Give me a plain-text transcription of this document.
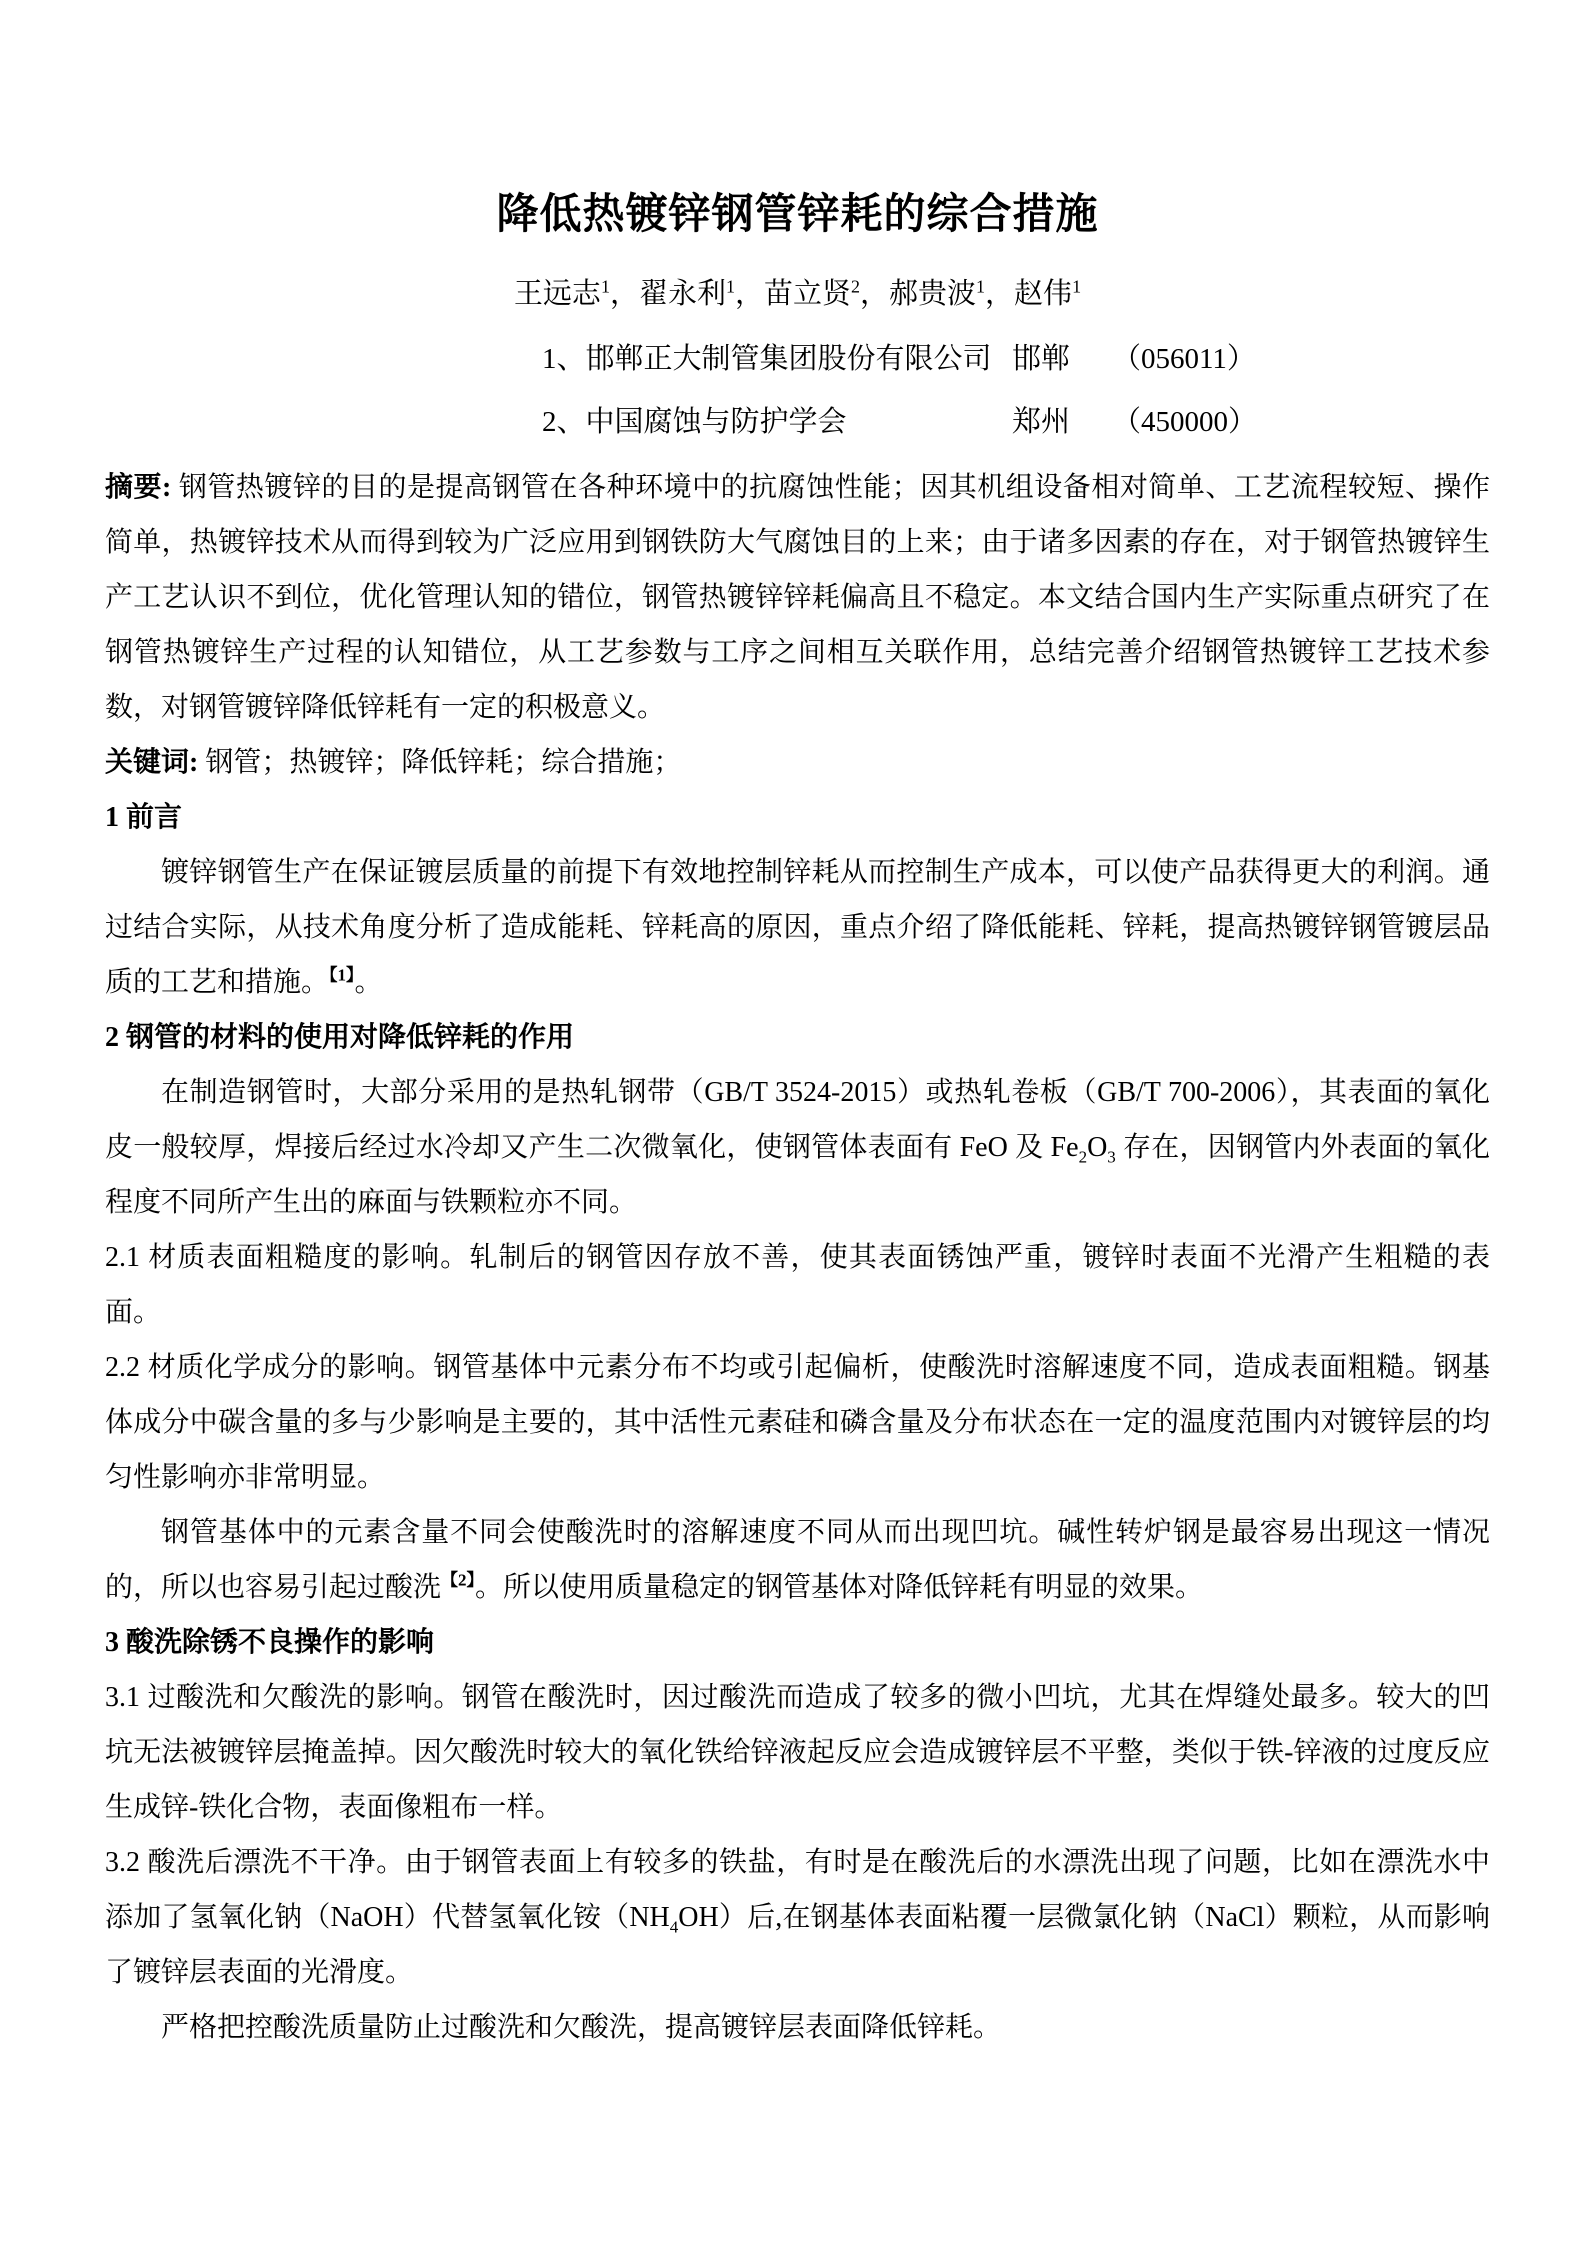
降低热镀锌钢管锌耗的综合措施
王远志$^1$，翟永利$^1$，苗立贤$^2$，郝贵波$^1$，赵伟$^1$
1、邯郸正大制管集团股份有限公司 邯郸	（056011）
2、中国腐蚀与防护学会	郑州	（450000）

摘要: 钢管热镀锌的目的是提高钢管在各种环境中的抗腐蚀性能；因其机组设备相对简单、工艺流程较短、操作简单，热镀锌技术从而得到较为广泛应用到钢铁防大气腐蚀目的上来；由于诸多因素的存在，对于钢管热镀锌生产工艺认识不到位，优化管理认知的错位，钢管热镀锌锌耗偏高且不稳定。本文结合国内生产实际重点研究了在钢管热镀锌生产过程的认知错位，从工艺参数与工序之间相互关联作用，总结完善介绍钢管热镀锌工艺技术参数，对钢管镀锌降低锌耗有一定的积极意义。

关键词: 钢管；热镀锌；降低锌耗；综合措施；

1 前言

镀锌钢管生产在保证镀层质量的前提下有效地控制锌耗从而控制生产成本，可以使产品获得更大的利润。通过结合实际，从技术角度分析了造成能耗、锌耗高的原因，重点介绍了降低能耗、锌耗，提高热镀锌钢管镀层品质的工艺和措施。$^{【1】}$。

2 钢管的材料的使用对降低锌耗的作用

在制造钢管时，大部分采用的是热轧钢带（GB/T 3524-2015）或热轧卷板（GB/T 700-2006），其表面的氧化皮一般较厚，焊接后经过水冷却又产生二次微氧化，使钢管体表面有 FeO 及 $Fe_2O_3$ 存在，因钢管内外表面的氧化程度不同所产生出的麻面与铁颗粒亦不同。

2.1 材质表面粗糙度的影响。轧制后的钢管因存放不善，使其表面锈蚀严重，镀锌时表面不光滑产生粗糙的表面。

2.2 材质化学成分的影响。钢管基体中元素分布不均或引起偏析，使酸洗时溶解速度不同，造成表面粗糙。钢基体成分中碳含量的多与少影响是主要的，其中活性元素硅和磷含量及分布状态在一定的温度范围内对镀锌层的均匀性影响亦非常明显。

钢管基体中的元素含量不同会使酸洗时的溶解速度不同从而出现凹坑。碱性转炉钢是最容易出现这一情况的，所以也容易引起过酸洗$^{【2】}$。所以使用质量稳定的钢管基体对降低锌耗有明显的效果。

3 酸洗除锈不良操作的影响

3.1 过酸洗和欠酸洗的影响。钢管在酸洗时，因过酸洗而造成了较多的微小凹坑，尤其在焊缝处最多。较大的凹坑无法被镀锌层掩盖掉。因欠酸洗时较大的氧化铁给锌液起反应会造成镀锌层不平整，类似于铁-锌液的过度反应生成锌-铁化合物，表面像粗布一样。

3.2 酸洗后漂洗不干净。由于钢管表面上有较多的铁盐，有时是在酸洗后的水漂洗出现了问题，比如在漂洗水中添加了氢氧化钠（NaOH）代替氢氧化铵$(NH_4OH)$后,在钢基体表面粘覆一层微氯化钠（NaCl）颗粒，从而影响了镀锌层表面的光滑度。

严格把控酸洗质量防止过酸洗和欠酸洗，提高镀锌层表面降低锌耗。
